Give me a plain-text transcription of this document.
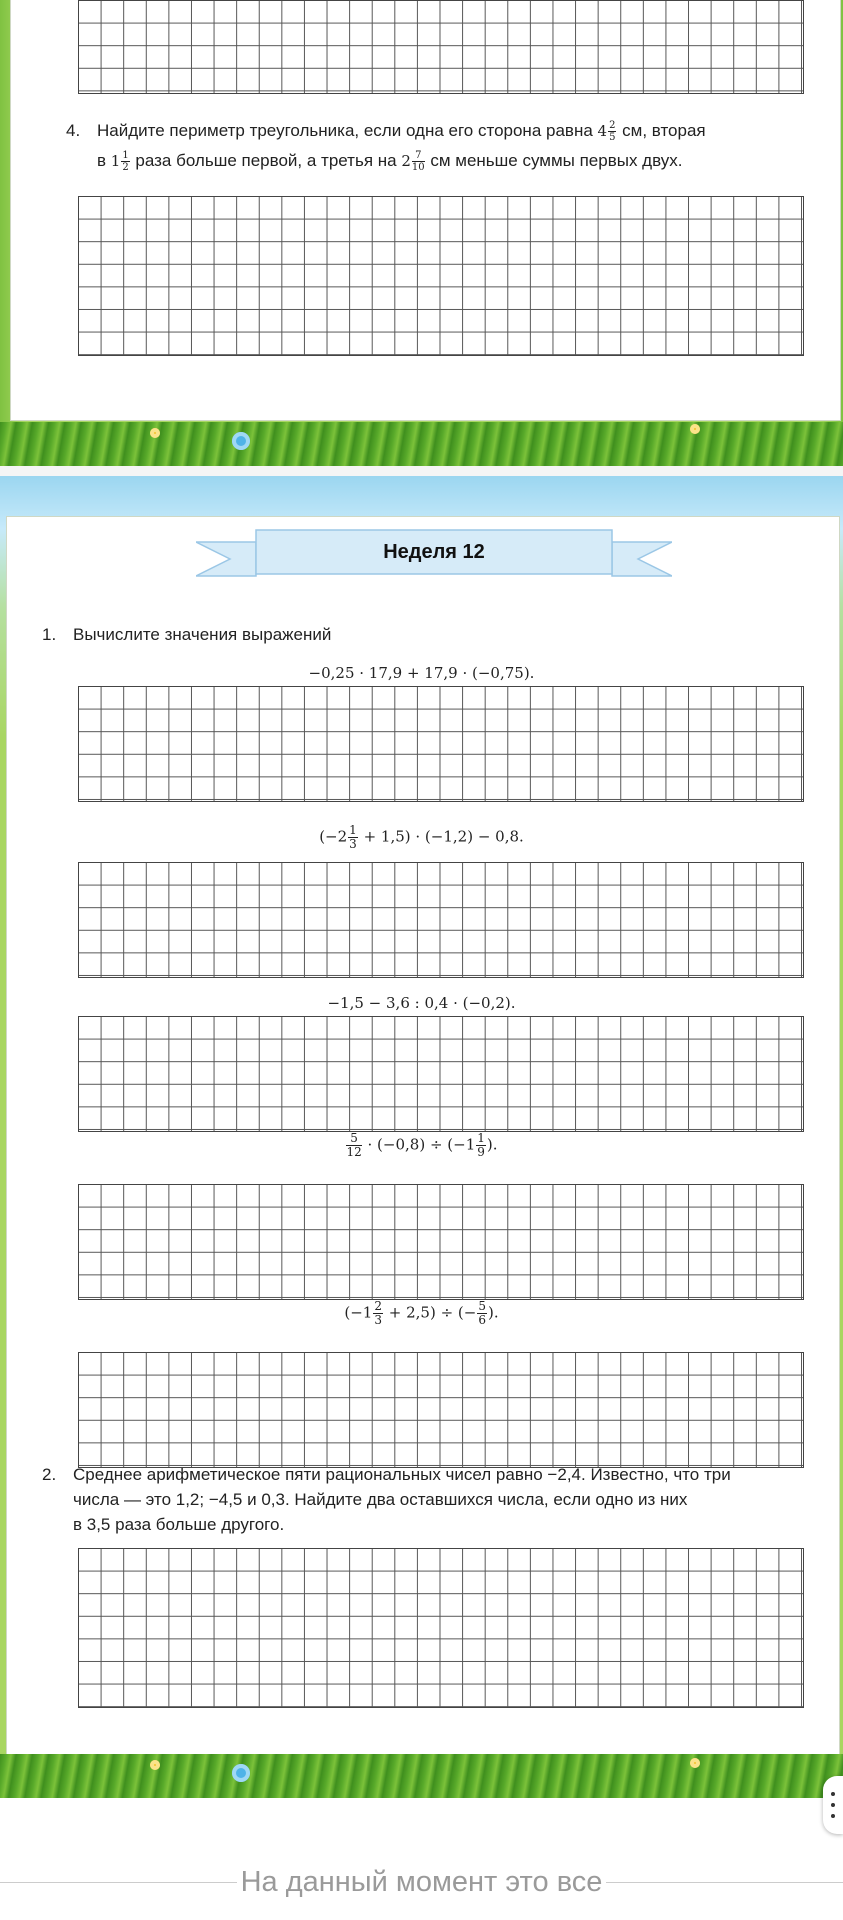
4. Найдите периметр треугольника, если одна его сторона равна $4 \frac{2}{5}$ см, вторая
в $1 \frac{1}{2}$ раза больше первой, а третья на $2 \frac{7}{10}$ см меньше суммы первых двух.
Неделя 12
1. Вычислите значения выражений
−0,25 · 17,9 + 17,9 · (−0,75).
$(-2 \frac{1}{3} + 1,5) \cdot (-1,2) - 0,8$.
−1,5 − 3,6 : 0,4 · (−0,2).
$\frac{5}{12} \cdot (-0,8) \div (-1 \frac{1}{9}$ ).
$(-1 \frac{2}{3} + 2,5)$ ÷ (− $\frac{5}{6}$ ).
2. Среднее арифметическое пяти рациональных чисел равно −2,4. Известно, что три
числа — это 1,2; −4,5 и 0,3. Найдите два оставшихся числа, если одно из них
в 3,5 раза больше другого.
На данный момент это все
